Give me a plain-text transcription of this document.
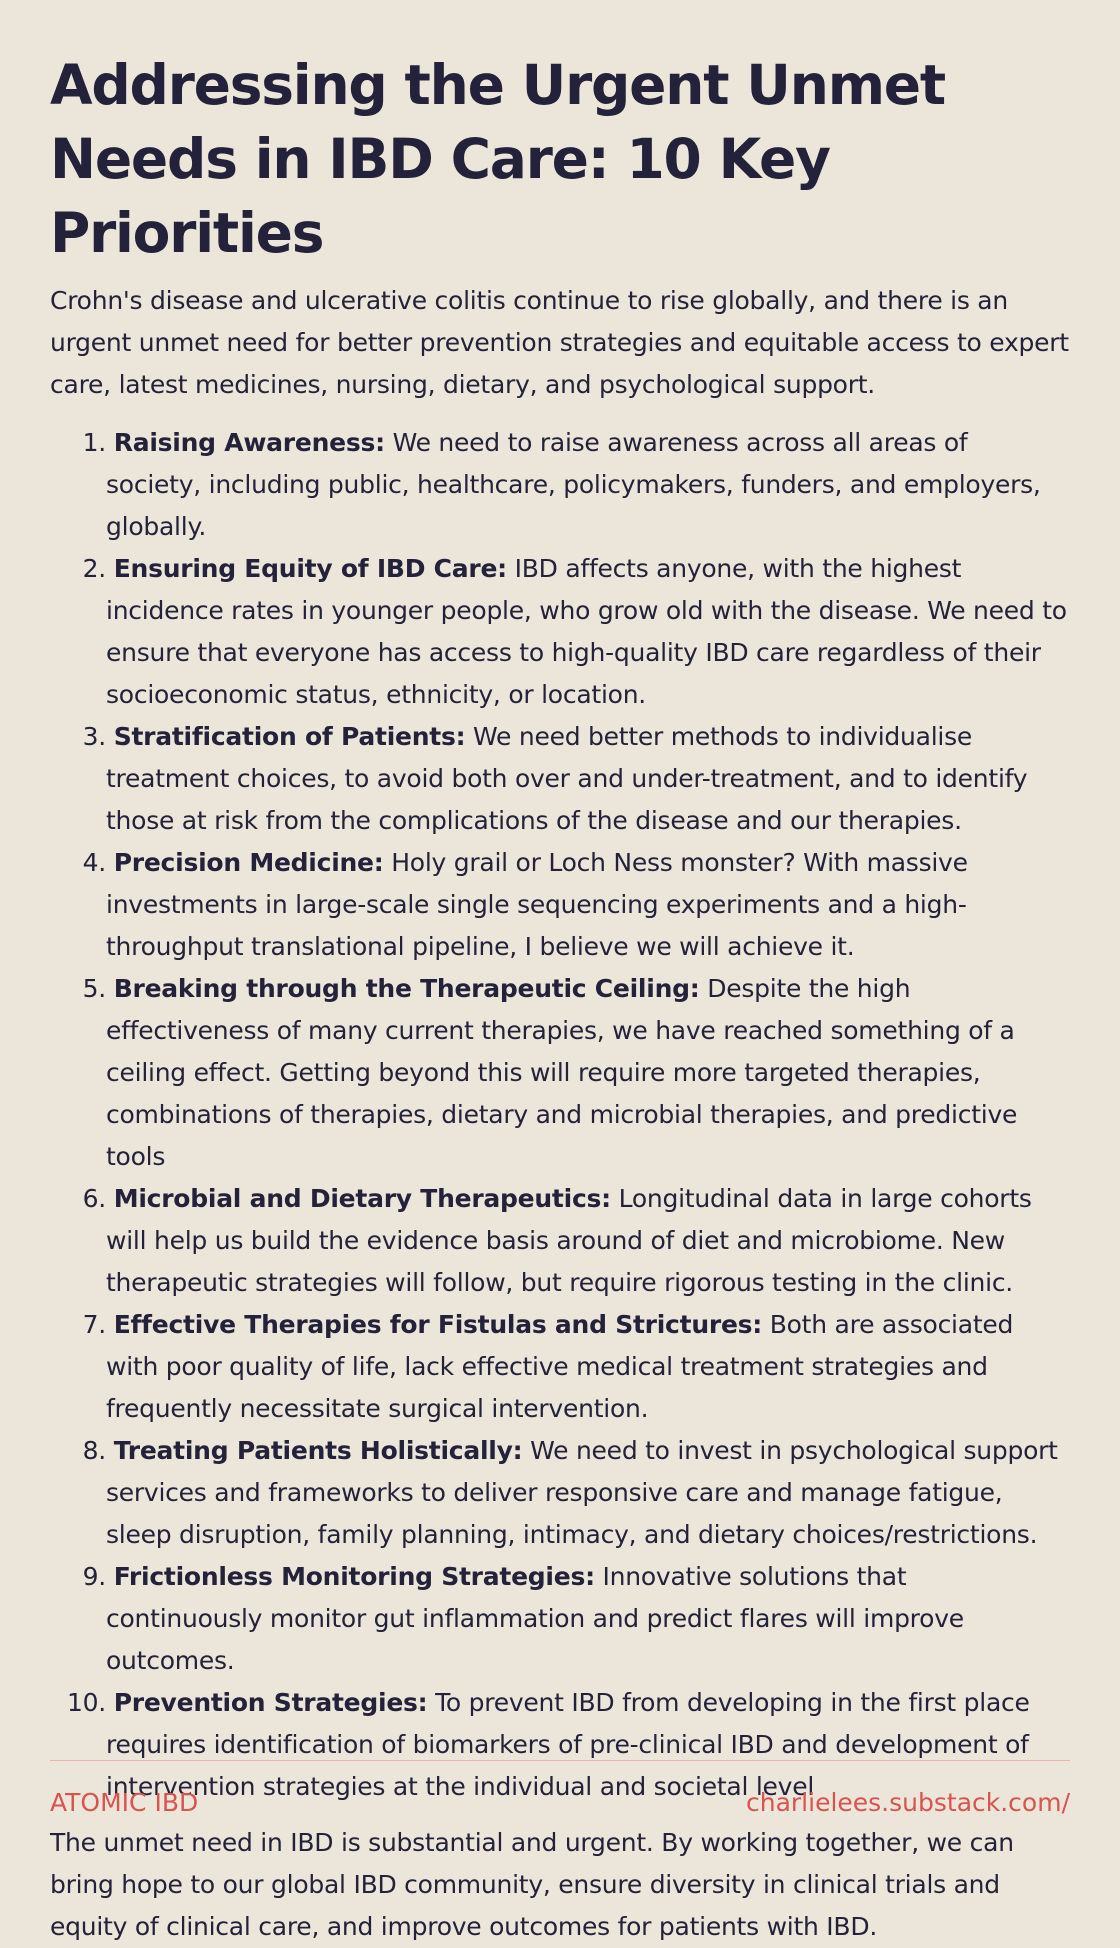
Addressing the Urgent Unmet Needs in IBD Care: 10 Key Priorities

Crohn's disease and ulcerative colitis continue to rise globally, and there is an urgent unmet need for better prevention strategies and equitable access to expert care, latest medicines, nursing, dietary, and psychological support.

1. Raising Awareness: We need to raise awareness across all areas of society, including public, healthcare, policymakers, funders, and employers, globally.
2. Ensuring Equity of IBD Care: IBD affects anyone, with the highest incidence rates in younger people, who grow old with the disease. We need to ensure that everyone has access to high-quality IBD care regardless of their socioeconomic status, ethnicity, or location.
3. Stratification of Patients: We need better methods to individualise treatment choices, to avoid both over and under-treatment, and to identify those at risk from the complications of the disease and our therapies.
4. Precision Medicine: Holy grail or Loch Ness monster? With massive investments in large-scale single sequencing experiments and a high-throughput translational pipeline, I believe we will achieve it.
5. Breaking through the Therapeutic Ceiling: Despite the high effectiveness of many current therapies, we have reached something of a ceiling effect. Getting beyond this will require more targeted therapies, combinations of therapies, dietary and microbial therapies, and predictive tools
6. Microbial and Dietary Therapeutics: Longitudinal data in large cohorts will help us build the evidence basis around of diet and microbiome. New therapeutic strategies will follow, but require rigorous testing in the clinic.
7. Effective Therapies for Fistulas and Strictures: Both are associated with poor quality of life, lack effective medical treatment strategies and frequently necessitate surgical intervention.
8. Treating Patients Holistically: We need to invest in psychological support services and frameworks to deliver responsive care and manage fatigue, sleep disruption, family planning, intimacy, and dietary choices/restrictions.
9. Frictionless Monitoring Strategies: Innovative solutions that continuously monitor gut inflammation and predict flares will improve outcomes.
10. Prevention Strategies: To prevent IBD from developing in the first place requires identification of biomarkers of pre-clinical IBD and development of intervention strategies at the individual and societal level

The unmet need in IBD is substantial and urgent. By working together, we can bring hope to our global IBD community, ensure diversity in clinical trials and equity of clinical care, and improve outcomes for patients with IBD.

ATOMIC IBD	charlielees.substack.com/
